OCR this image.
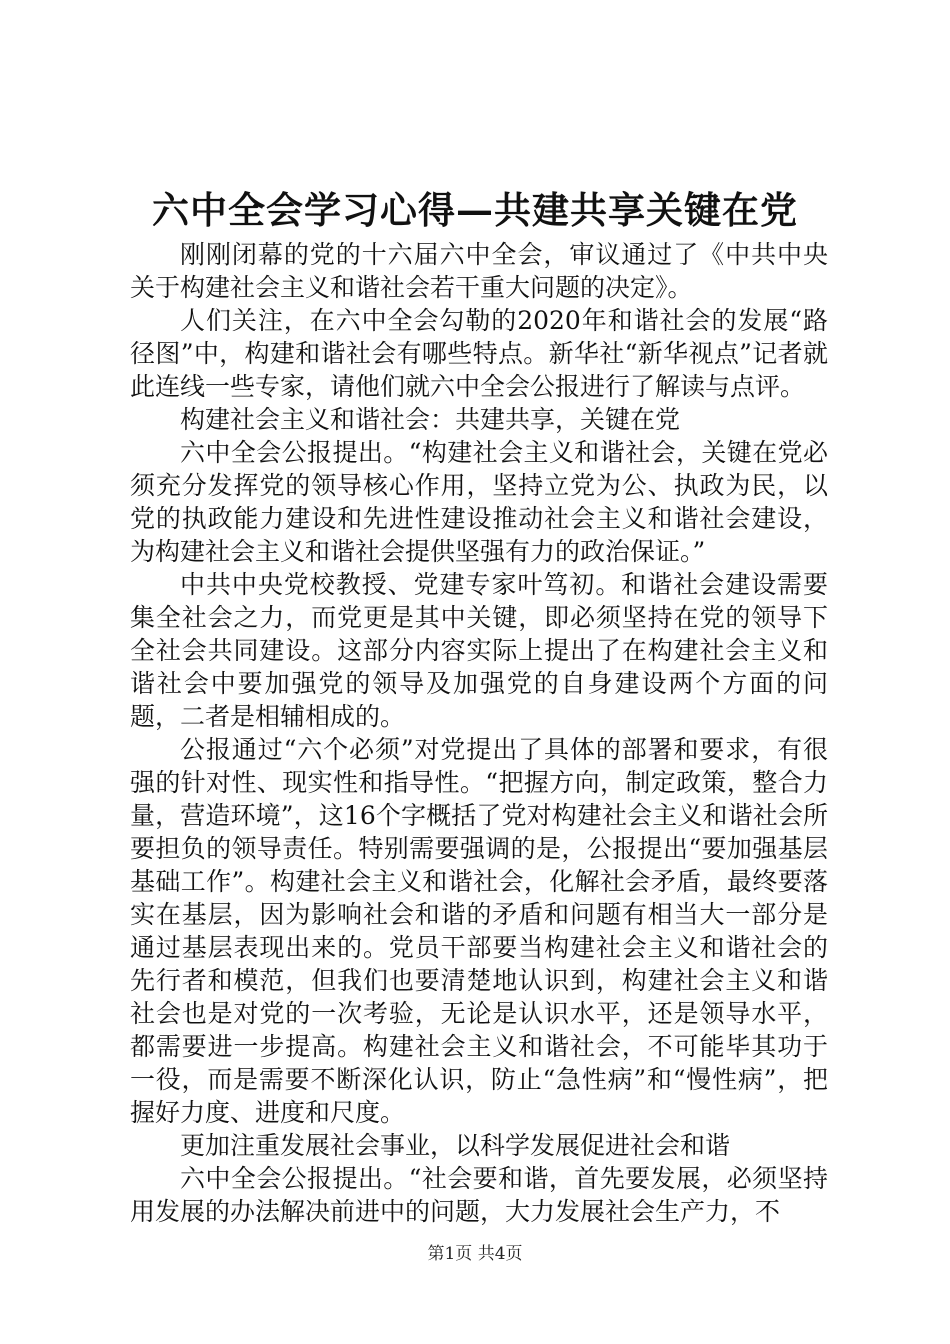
六中全会学习心得—共建共享关键在党

刚刚闭幕的党的十六届六中全会，审议通过了《中共中央关于构建社会主义和谐社会若干重大问题的决定》。

人们关注，在六中全会勾勒的2020年和谐社会的发展“路径图”中，构建和谐社会有哪些特点。新华社“新华视点”记者就此连线一些专家，请他们就六中全会公报进行了解读与点评。

构建社会主义和谐社会：共建共享，关键在党

六中全会公报提出。“构建社会主义和谐社会，关键在党必须充分发挥党的领导核心作用，坚持立党为公、执政为民，以党的执政能力建设和先进性建设推动社会主义和谐社会建设，为构建社会主义和谐社会提供坚强有力的政治保证。”

中共中央党校教授、党建专家叶笃初。和谐社会建设需要集全社会之力，而党更是其中关键，即必须坚持在党的领导下全社会共同建设。这部分内容实际上提出了在构建社会主义和谐社会中要加强党的领导及加强党的自身建设两个方面的问题，二者是相辅相成的。

公报通过“六个必须”对党提出了具体的部署和要求，有很强的针对性、现实性和指导性。“把握方向，制定政策，整合力量，营造环境”，这16个字概括了党对构建社会主义和谐社会所要担负的领导责任。特别需要强调的是，公报提出“要加强基层基础工作”。构建社会主义和谐社会，化解社会矛盾，最终要落实在基层，因为影响社会和谐的矛盾和问题有相当大一部分是通过基层表现出来的。党员干部要当构建社会主义和谐社会的先行者和模范，但我们也要清楚地认识到，构建社会主义和谐社会也是对党的一次考验，无论是认识水平，还是领导水平，都需要进一步提高。构建社会主义和谐社会，不可能毕其功于一役，而是需要不断深化认识，防止“急性病”和“慢性病”，把握好力度、进度和尺度。

更加注重发展社会事业，以科学发展促进社会和谐

六中全会公报提出。“社会要和谐，首先要发展，必须坚持用发展的办法解决前进中的问题，大力发展社会生产力，不

第1页 共4页
